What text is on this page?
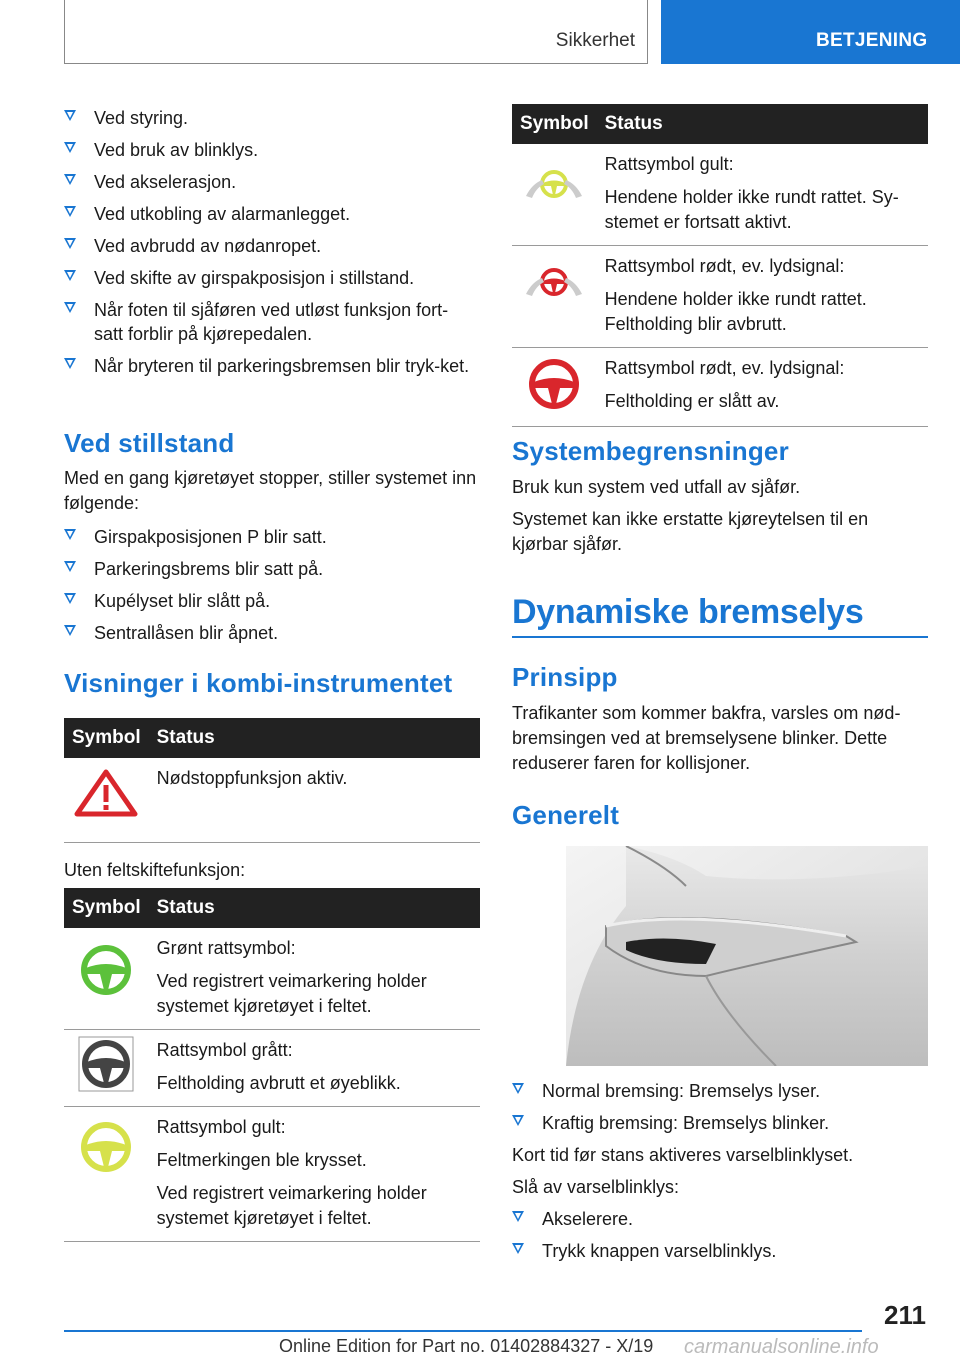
Sikkerhet	BETJENING
Ved styring.
Ved bruk av blinklys.
Ved akselerasjon.
Ved utkobling av alarmanlegget.
Ved avbrudd av nødanropet.
Ved skifte av girspakposisjon i stillstand.
Når foten til sjåføren ved utløst funksjon fort-satt forblir på kjørepedalen.
Når bryteren til parkeringsbremsen blir tryk-ket.
Ved stillstand

Med en gang kjøretøyet stopper, stiller systemet inn følgende:

Girspakposisjonen P blir satt.
Parkeringsbrems blir satt på.
Kupélyset blir slått på.
Sentrallåsen blir åpnet.
Visninger i kombi-instrumentet
Symbol	Status

Nødstoppfunksjon aktiv.

Uten feltskiftefunksjon:

Symbol	Status

Grønt rattsymbol:
Ved registrert veimarkering holder systemet kjøretøyet i feltet.

Rattsymbol grått:
Feltholding avbrutt et øyeblikk.

Rattsymbol gult:
Feltmerkingen ble krysset.
Ved registrert veimarkering holder systemet kjøretøyet i feltet.
Symbol	Status

Rattsymbol gult:
Hendene holder ikke rundt rattet. Sy-stemet er fortsatt aktivt.

Rattsymbol rødt, ev. lydsignal:
Hendene holder ikke rundt rattet. Feltholding blir avbrutt.

Rattsymbol rødt, ev. lydsignal:
Feltholding er slått av.
Systembegrensninger

Bruk kun system ved utfall av sjåfør.

Systemet kan ikke erstatte kjøreytelsen til en kjørbar sjåfør.

Dynamiske bremselys
Prinsipp

Trafikanter som kommer bakfra, varsles om nød-bremsingen ved at bremselysene blinker. Dette reduserer faren for kollisjoner.

Generelt
Normal bremsing: Bremselys lyser.
Kraftig bremsing: Bremselys blinker.

Kort tid før stans aktiveres varselblinklyset.

Slå av varselblinklys:

Akselerere.
Trykk knappen varselblinklys.
211
Online Edition for Part no. 01402884327 - X/19 carmanualsonline.info
